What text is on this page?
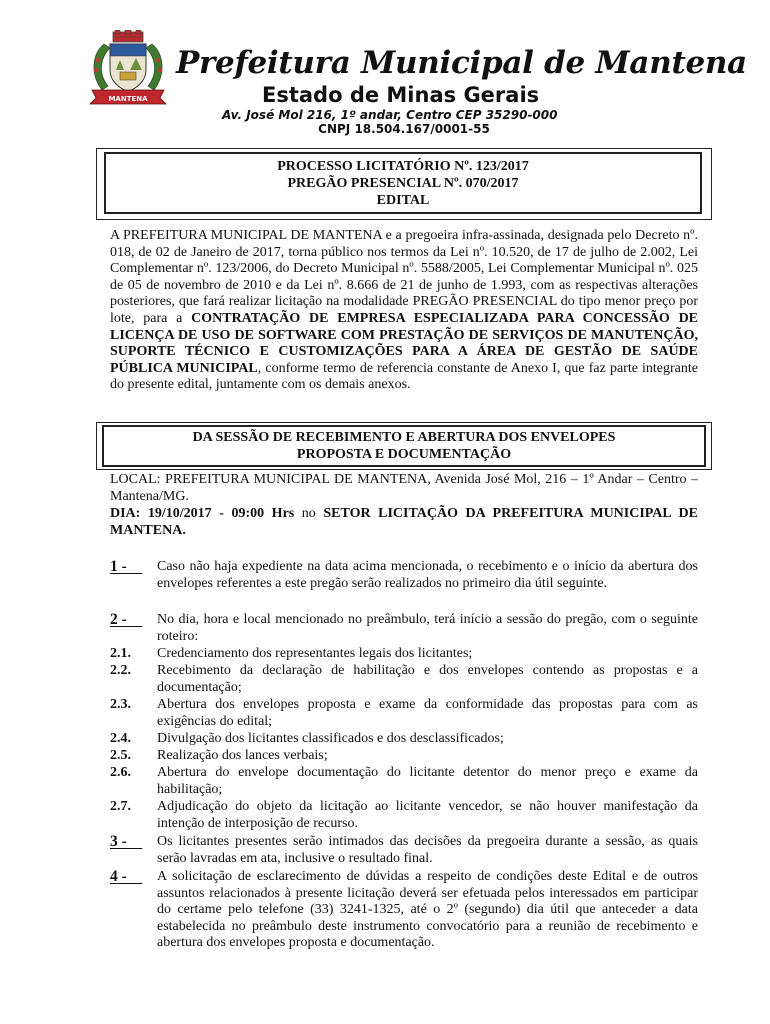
MANTENA
Prefeitura Municipal de Mantena
Estado de Minas Gerais
Av. José Mol 216, 1º andar, Centro CEP 35290-000
CNPJ 18.504.167/0001-55
PROCESSO LICITATÓRIO Nº. 123/2017
PREGÃO PRESENCIAL Nº. 070/2017
EDITAL
A PREFEITURA MUNICIPAL DE MANTENA e a pregoeira infra-assinada, designada pelo Decreto nº. 018, de 02 de Janeiro de 2017, torna público nos termos da Lei nº. 10.520, de 17 de julho de 2.002, Lei Complementar nº. 123/2006, do Decreto Municipal nº. 5588/2005, Lei Complementar Municipal nº. 025 de 05 de novembro de 2010 e da Lei nº. 8.666 de 21 de junho de 1.993, com as respectivas alterações posteriores, que fará realizar licitação na modalidade PREGÃO PRESENCIAL do tipo menor preço por lote, para a CONTRATAÇÃO DE EMPRESA ESPECIALIZADA PARA CONCESSÃO DE LICENÇA DE USO DE SOFTWARE COM PRESTAÇÃO DE SERVIÇOS DE MANUTENÇÃO, SUPORTE TÉCNICO E CUSTOMIZAÇÕES PARA A ÁREA DE GESTÃO DE SAÚDE PÚBLICA MUNICIPAL, conforme termo de referencia constante de Anexo I, que faz parte integrante do presente edital, juntamente com os demais anexos.
DA SESSÃO DE RECEBIMENTO E ABERTURA DOS ENVELOPES
PROPOSTA E DOCUMENTAÇÃO
LOCAL: PREFEITURA MUNICIPAL DE MANTENA, Avenida José Mol, 216 – 1º Andar – Centro – Mantena/MG.
DIA: 19/10/2017 - 09:00 Hrs no SETOR LICITAÇÃO DA PREFEITURA MUNICIPAL DE MANTENA.
1 - Caso não haja expediente na data acima mencionada, o recebimento e o início da abertura dos envelopes referentes a este pregão serão realizados no primeiro dia útil seguinte.
2 - No dia, hora e local mencionado no preâmbulo, terá início a sessão do pregão, com o seguinte roteiro:
2.1. Credenciamento dos representantes legais dos licitantes;
2.2. Recebimento da declaração de habilitação e dos envelopes contendo as propostas e a documentação;
2.3. Abertura dos envelopes proposta e exame da conformidade das propostas para com as exigências do edital;
2.4. Divulgação dos licitantes classificados e dos desclassificados;
2.5. Realização dos lances verbais;
2.6. Abertura do envelope documentação do licitante detentor do menor preço e exame da habilitação;
2.7. Adjudicação do objeto da licitação ao licitante vencedor, se não houver manifestação da intenção de interposição de recurso.
3 - Os licitantes presentes serão intimados das decisões da pregoeira durante a sessão, as quais serão lavradas em ata, inclusive o resultado final.
4 - A solicitação de esclarecimento de dúvidas a respeito de condições deste Edital e de outros assuntos relacionados à presente licitação deverá ser efetuada pelos interessados em participar do certame pelo telefone (33) 3241-1325, até o 2º (segundo) dia útil que anteceder a data estabelecida no preâmbulo deste instrumento convocatório para a reunião de recebimento e abertura dos envelopes proposta e documentação.
